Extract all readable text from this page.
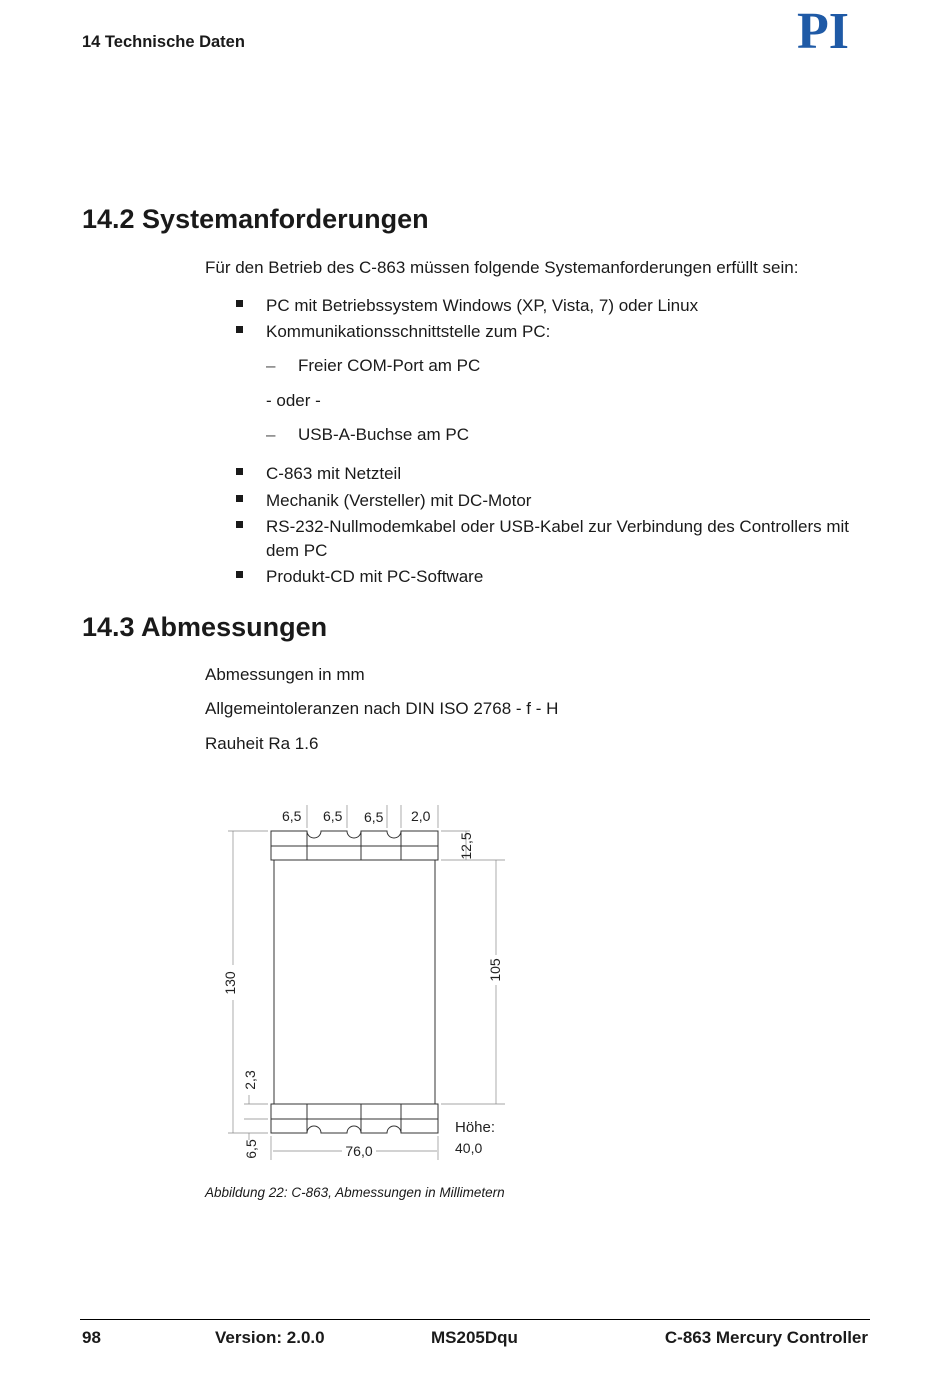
14 Technische Daten	PI
14.2 Systemanforderungen
Für den Betrieb des C-863 müssen folgende Systemanforderungen erfüllt sein:
PC mit Betriebssystem Windows (XP, Vista, 7) oder Linux
Kommunikationsschnittstelle zum PC:
– Freier COM-Port am PC
- oder -
– USB-A-Buchse am PC
C-863 mit Netzteil
Mechanik (Versteller) mit DC-Motor
RS-232-Nullmodemkabel oder USB-Kabel zur Verbindung des Controllers mit dem PC
Produkt-CD mit PC-Software
14.3 Abmessungen
Abmessungen in mm
Allgemeintoleranzen nach DIN ISO 2768 - f - H
Rauheit Ra 1.6
6,5 6,5 6,5 2,0
12,5
105
130
2,3
6,5	76,0
Höhe:
40,0
Abbildung 22: C-863, Abmessungen in Millimetern
98	Version: 2.0.0	MS205Dqu	C-863 Mercury Controller
